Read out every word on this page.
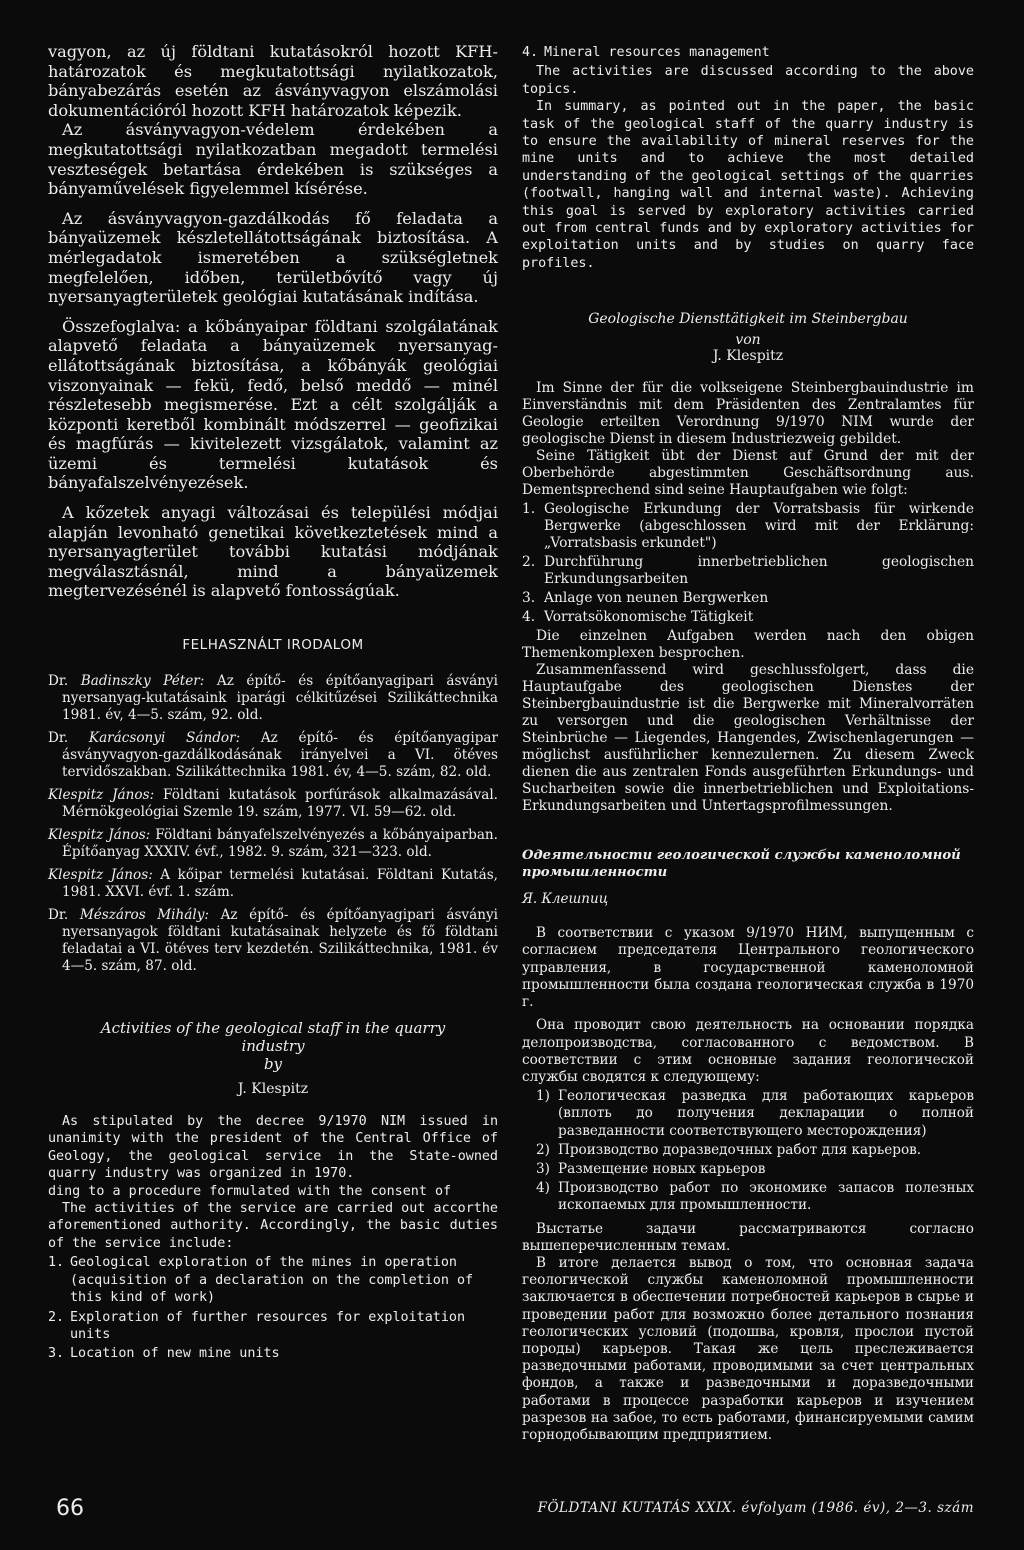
vagyon, az új földtani kutatásokról hozott KFH-határozatok és megkutatottsági nyilatkozatok, bányabezárás esetén az ásványvagyon elszámolási dokumentációról hozott KFH határozatok képezik.

Az ásványvagyon-védelem érdekében a megkutatottsági nyilatkozatban megadott termelési veszteségek betartása érdekében is szükséges a bányaművelések figyelemmel kísérése.

Az ásványvagyon-gazdálkodás fő feladata a bányaüzemek készletellátottságának biztosítása. A mérlegadatok ismeretében a szükségletnek megfelelően, időben, területbővítő vagy új nyersanyagterületek geológiai kutatásának indítása.

Összefoglalva: a kőbányaipar földtani szolgálatának alapvető feladata a bányaüzemek nyersanyag-ellátottságának biztosítása, a kőbányák geológiai viszonyainak — fekü, fedő, belső meddő — minél részletesebb megismerése. Ezt a célt szolgálják a központi keretből kombinált módszerrel — geofizikai és magfúrás — kivitelezett vizsgálatok, valamint az üzemi és termelési kutatások és bányafalszelvényezések.

A kőzetek anyagi változásai és települési módjai alapján levonható genetikai következtetések mind a nyersanyagterület további kutatási módjának megválasztásnál, mind a bányaüzemek megtervezésénél is alapvető fontosságúak.

FELHASZNÁLT IRODALOM

Dr. Badinszky Péter: Az építő- és építőanyagipari ásványi nyersanyag-kutatásaink iparági célkitűzései Szilikáttechnika 1981. év, 4—5. szám, 92. old.

Dr. Karácsonyi Sándor: Az építő- és építőanyagipar ásványvagyon-gazdálkodásának irányelvei a VI. ötéves tervidőszakban. Szilikáttechnika 1981. év, 4—5. szám, 82. old.

Klespitz János: Földtani kutatások porfúrások alkalmazásával. Mérnökgeológiai Szemle 19. szám, 1977. VI. 59—62. old.

Klespitz János: Földtani bányafelszelvényezés a kőbányaiparban. Építőanyag XXXIV. évf., 1982. 9. szám, 321—323. old.

Klespitz János: A kőipar termelési kutatásai. Földtani Kutatás, 1981. XXVI. évf. 1. szám.

Dr. Mészáros Mihály: Az építő- és építőanyagipari ásványi nyersanyagok földtani kutatásainak helyzete és fő földtani feladatai a VI. ötéves terv kezdetén. Szilikáttechnika, 1981. év 4—5. szám, 87. old.

Activities of the geological staff in the quarry
industry
by
J. Klespitz

As stipulated by the decree 9/1970 NIM issued in unanimity with the president of the Central Office of Geology, the geological service in the State-owned quarry industry was organized in 1970.

ding to a procedure formulated with the consent of

The activities of the service are carried out accorthe aforementioned authority. Accordingly, the basic duties of the service include:

1. Geological exploration of the mines in operation (acquisition of a declaration on the completion of this kind of work)
2. Exploration of further resources for exploitation units
3. Location of new mine units
4. Mineral resources management

The activities are discussed according to the above topics.

In summary, as pointed out in the paper, the basic task of the geological staff of the quarry industry is to ensure the availability of mineral reserves for the mine units and to achieve the most detailed understanding of the geological settings of the quarries (footwall, hanging wall and internal waste). Achieving this goal is served by exploratory activities carried out from central funds and by exploratory activities for exploitation units and by studies on quarry face profiles.

Geologische Diensttätigkeit im Steinbergbau
von
J. Klespitz

Im Sinne der für die volkseigene Steinbergbauindustrie im Einverständnis mit dem Präsidenten des Zentralamtes für Geologie erteilten Verordnung 9/1970 NIM wurde der geologische Dienst in diesem Industriezweig gebildet.

Seine Tätigkeit übt der Dienst auf Grund der mit der Oberbehörde abgestimmten Geschäftsordnung aus. Dementsprechend sind seine Hauptaufgaben wie folgt:

1. Geologische Erkundung der Vorratsbasis für wirkende Bergwerke (abgeschlossen wird mit der Erklärung: „Vorratsbasis erkundet")
2. Durchführung innerbetrieblichen geologischen Erkundungsarbeiten
3. Anlage von neunen Bergwerken
4. Vorratsökonomische Tätigkeit

Die einzelnen Aufgaben werden nach den obigen Themenkomplexen besprochen.

Zusammenfassend wird geschlussfolgert, dass die Hauptaufgabe des geologischen Dienstes der Steinbergbauindustrie ist die Bergwerke mit Mineralvorräten zu versorgen und die geologischen Verhältnisse der Steinbrüche — Liegendes, Hangendes, Zwischenlagerungen — möglichst ausführlicher kennezulernen. Zu diesem Zweck dienen die aus zentralen Fonds ausgeführten Erkundungs- und Sucharbeiten sowie die innerbetrieblichen und Exploitations-Erkundungsarbeiten und Untertagsprofilmessungen.

Одеятельности геологической службы каменоломной промышленности
Я. Клешпиц

В соответствии с указом 9/1970 НИМ, выпущенным с согласием председателя Центрального геологического управления, в государственной каменоломной промышленности была создана геологическая служба в 1970 г.

Она проводит свою деятельность на основании порядка делопроизводства, согласованного с ведомством. В соответствии с этим основные задания геологической службы сводятся к следующему:

1) Геологическая разведка для работающих карьеров (вплоть до получения декларации о полной разведанности соответствующего месторождения)
2) Производство доразведочных работ для карьеров.
3) Размещение новых карьеров
4) Производство работ по экономике запасов полезных ископаемых для промышленности.

Выстатье задачи рассматриваются согласно вышеперечисленным темам.

В итоге делается вывод о том, что основная задача геологической службы каменоломной промышленности заключается в обеспечении потребностей карьеров в сырье и проведении работ для возможно более детального познания геологических условий (подошва, кровля, прослои пустой породы) карьеров. Такая же цель преслеживается разведочными работами, проводимыми за счет центральных фондов, а также и разведочными и доразведочными работами в процессе разработки карьеров и изучением разрезов на забое, то есть работами, финансируемыми самим горнодобывающим предприятием.

66	FÖLDTANI KUTATÁS XXIX. évfolyam (1986. év), 2—3. szám
